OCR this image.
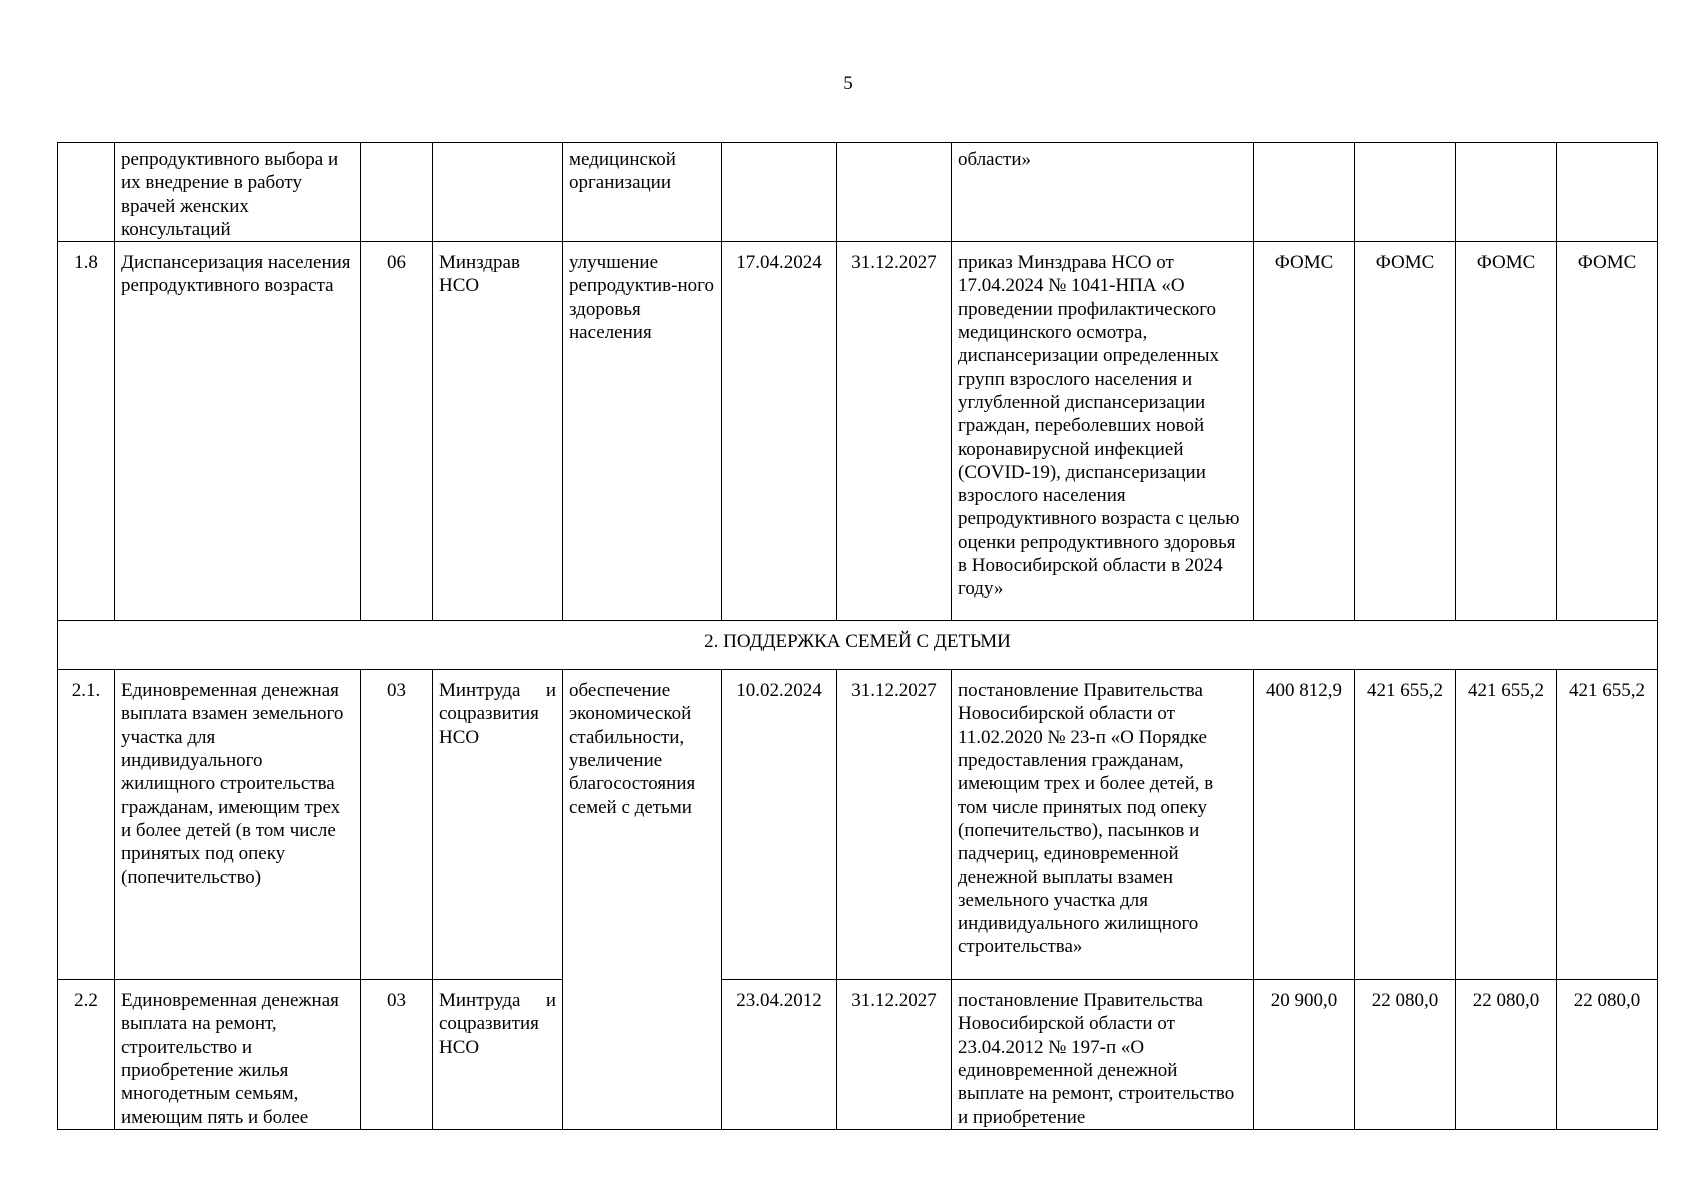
5

	репродуктивного выбора и их внедрение в работу врачей женских консультаций			медицинской организации			области»				

1.8	Диспансеризация населения репродуктивного возраста	06	Минздрав НСО	улучшение репродуктив-ного здоровья населения	17.04.2024	31.12.2027	приказ Минздрава НСО от 17.04.2024 № 1041-НПА «О проведении профилактического медицинского осмотра, диспансеризации определенных групп взрослого населения и углубленной диспансеризации граждан, переболевших новой коронавирусной инфекцией (COVID-19), диспансеризации взрослого населения репродуктивного возраста с целью оценки репродуктивного здоровья в Новосибирской области в 2024 году»	ФОМС	ФОМС	ФОМС	ФОМС
2. ПОДДЕРЖКА СЕМЕЙ С ДЕТЬМИ											
2.1.	Единовременная денежная выплата взамен земельного участка для индивидуального жилищного строительства гражданам, имеющим трех и более детей (в том числе принятых под опеку (попечительство)	03	Минтруда и соцразвития НСО	обеспечение экономической стабильности, увеличение благосостояния семей с детьми	10.02.2024	31.12.2027	постановление Правительства Новосибирской области от 11.02.2020 № 23-п «О Порядке предоставления гражданам, имеющим трех и более детей, в том числе принятых под опеку (попечительство), пасынков и падчериц, единовременной денежной выплаты взамен земельного участка для индивидуального жилищного строительства»	400 812,9	421 655,2	421 655,2	421 655,2
2.2	Единовременная денежная выплата на ремонт, строительство и приобретение жилья многодетным семьям, имеющим пять и более	03	Минтруда и соцразвития НСО		23.04.2012	31.12.2027	постановление Правительства Новосибирской области от 23.04.2012 № 197-п «О единовременной денежной выплате на ремонт, строительство и приобретение	20 900,0	22 080,0	22 080,0	22 080,0
